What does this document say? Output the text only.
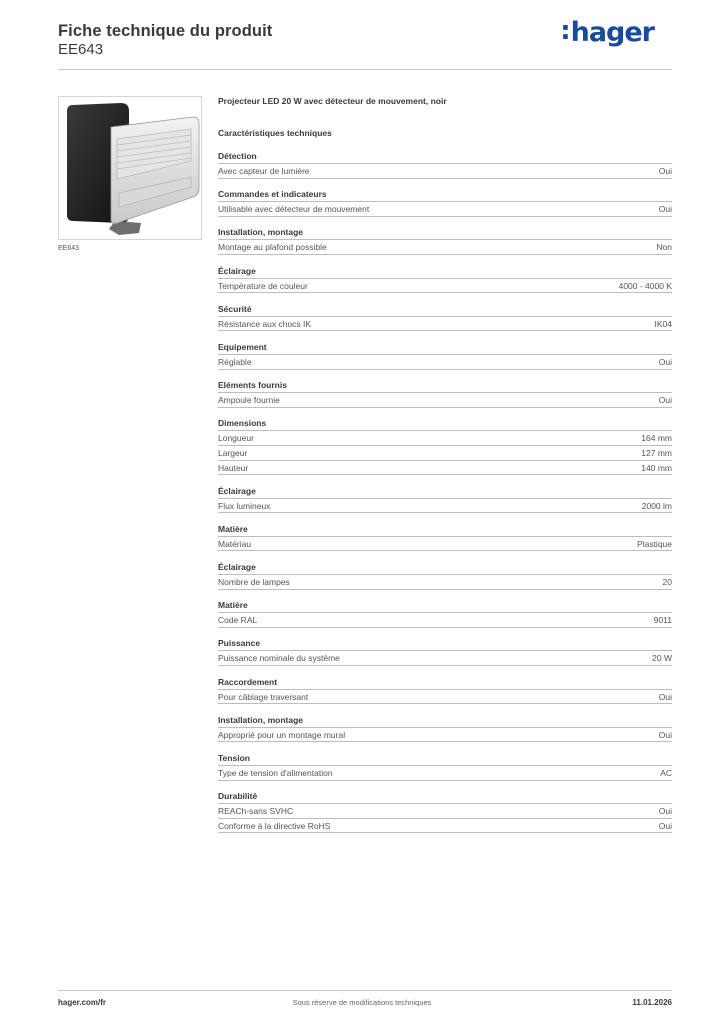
Fiche technique du produit
EE643
:hager
EE643
Projecteur LED 20 W avec détecteur de mouvement, noir
Caractéristiques techniques
Détection
Avec capteur de lumière	Oui
Commandes et indicateurs
Utilisable avec détecteur de mouvement	Oui
Installation, montage
Montage au plafond possible	Non
Éclairage
Température de couleur	4000 - 4000 K
Sécurité
Résistance aux chocs IK	IK04
Equipement
Réglable	Oui
Eléments fournis
Ampoule fournie	Oui
Dimensions
Longueur	164 mm
Largeur	127 mm
Hauteur	140 mm
Éclairage
Flux lumineux	2000 lm
Matière
Matériau	Plastique
Éclairage
Nombre de lampes	20
Matière
Code RAL	9011
Puissance
Puissance nominale du système	20 W
Raccordement
Pour câblage traversant	Oui
Installation, montage
Approprié pour un montage mural	Oui
Tension
Type de tension d'alimentation	AC
Durabilité
REACh-sans SVHC	Oui
Conforme à la directive RoHS	Oui
hager.com/fr	Sous réserve de modifications techniques	11.01.2026
